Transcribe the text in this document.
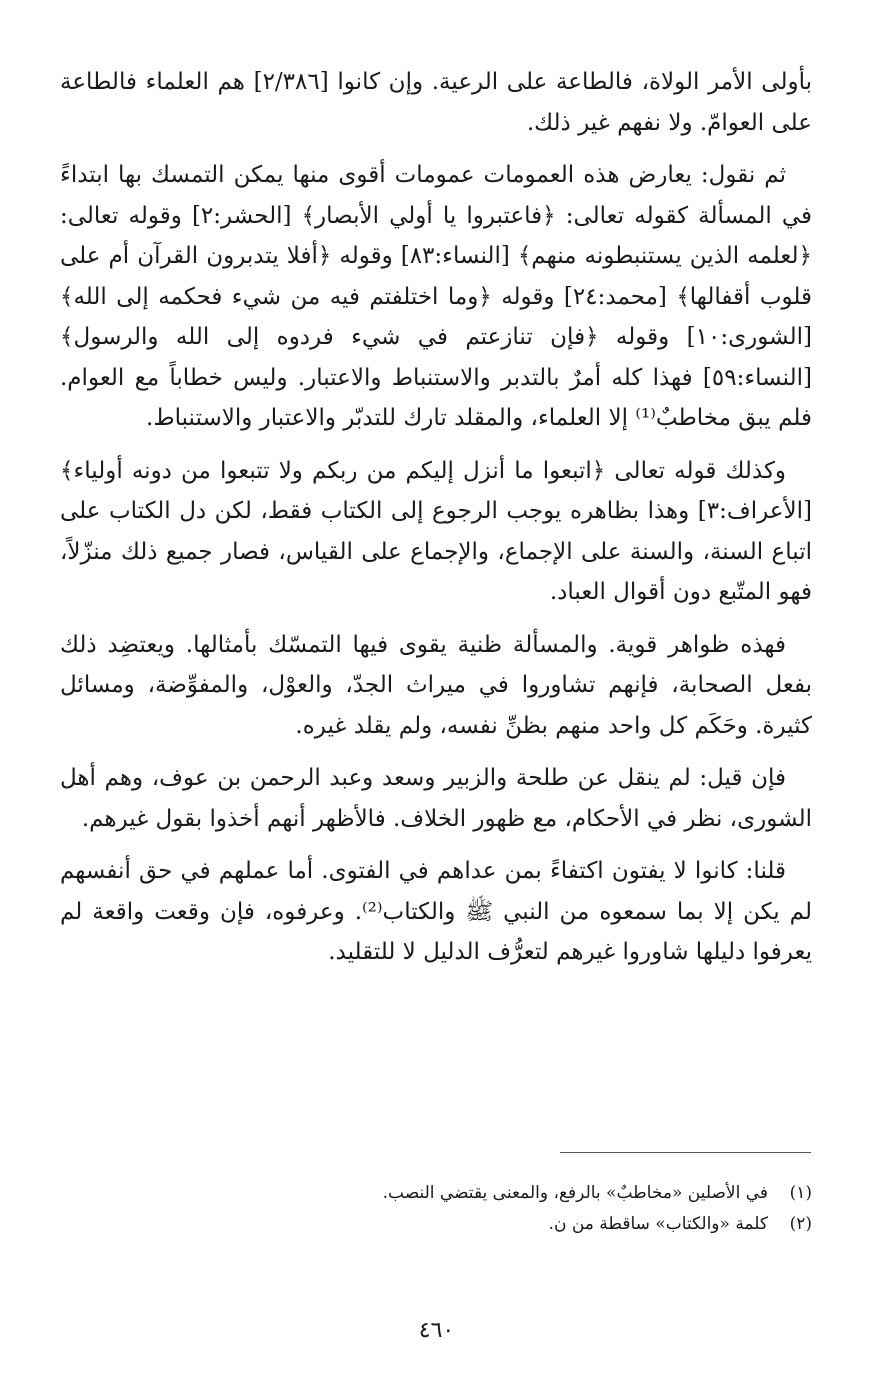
بأولى الأمر الولاة، فالطاعة على الرعية. وإن كانوا [٢/٣٨٦] هم العلماء فالطاعة على العوامّ. ولا نفهم غير ذلك.

ثم نقول: يعارض هذه العمومات عمومات أقوى منها يمكن التمسك بها ابتداءً في المسألة كقوله تعالى: ﴿فاعتبروا يا أولي الأبصار﴾ [الحشر:٢] وقوله تعالى: ﴿لعلمه الذين يستنبطونه منهم﴾ [النساء:٨٣] وقوله ﴿أفلا يتدبرون القرآن أم على قلوب أقفالها﴾ [محمد:٢٤] وقوله ﴿وما اختلفتم فيه من شيء فحكمه إلى الله﴾ [الشورى:١٠] وقوله ﴿فإن تنازعتم في شيء فردوه إلى الله والرسول﴾ [النساء:٥٩] فهذا كله أمرٌ بالتدبر والاستنباط والاعتبار. وليس خطاباً مع العوام. فلم يبق مخاطبٌ⁽¹⁾ إلا العلماء، والمقلد تارك للتدبّر والاعتبار والاستنباط.

وكذلك قوله تعالى ﴿اتبعوا ما أنزل إليكم من ربكم ولا تتبعوا من دونه أولياء﴾ [الأعراف:٣] وهذا بظاهره يوجب الرجوع إلى الكتاب فقط، لكن دل الكتاب على اتباع السنة، والسنة على الإجماع، والإجماع على القياس، فصار جميع ذلك منزّلاً، فهو المتّبع دون أقوال العباد.

فهذه ظواهر قوية. والمسألة ظنية يقوى فيها التمسّك بأمثالها. ويعتضِد ذلك بفعل الصحابة، فإنهم تشاوروا في ميراث الجدّ، والعوْل، والمفوِّضة، ومسائل كثيرة. وحَكَم كل واحد منهم بظنِّ نفسه، ولم يقلد غيره.

فإن قيل: لم ينقل عن طلحة والزبير وسعد وعبد الرحمن بن عوف، وهم أهل الشورى، نظر في الأحكام، مع ظهور الخلاف. فالأظهر أنهم أخذوا بقول غيرهم.

قلنا: كانوا لا يفتون اكتفاءً بمن عداهم في الفتوى. أما عملهم في حق أنفسهم لم يكن إلا بما سمعوه من النبي ﷺ والكتاب⁽²⁾. وعرفوه، فإن وقعت واقعة لم يعرفوا دليلها شاوروا غيرهم لتعرُّف الدليل لا للتقليد.

(١)
في الأصلين «مخاطبٌ» بالرفع، والمعنى يقتضي النصب.

(٢)
كلمة «والكتاب» ساقطة من ن.

٤٦٠
